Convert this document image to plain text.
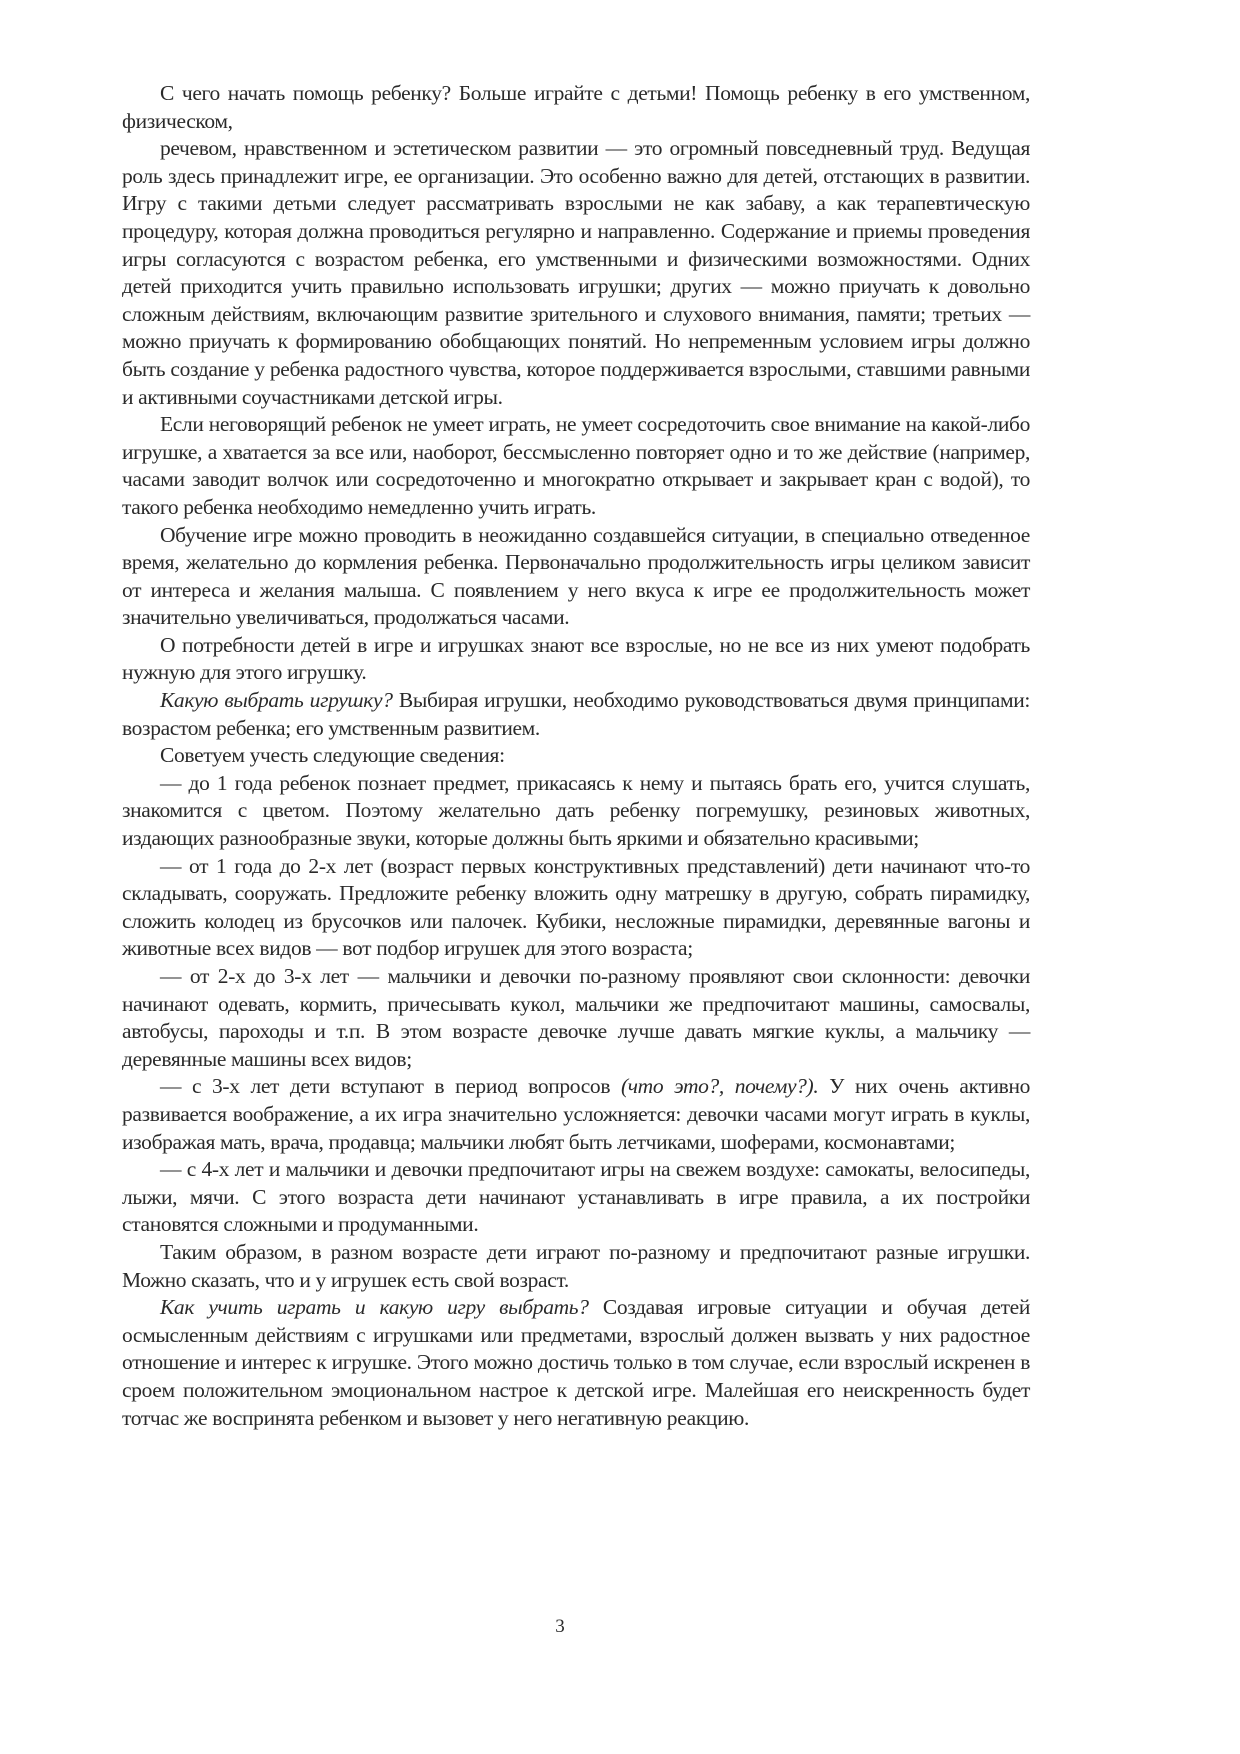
С чего начать помощь ребенку? Больше играйте с детьми! Помощь ребенку в его умственном, физическом,

речевом, нравственном и эстетическом развитии — это огромный повседневный труд. Ведущая роль здесь принадлежит игре, ее организации. Это особенно важно для детей, отстающих в развитии. Игру с такими детьми следует рассматривать взрослыми не как забаву, а как терапевтическую процедуру, которая должна проводиться регулярно и направленно. Содержание и приемы проведения игры согласуются с возрастом ребенка, его умственными и физическими возможностями. Одних детей приходится учить правильно использовать игрушки; других — можно приучать к довольно сложным действиям, включающим развитие зрительного и слухового внимания, памяти; третьих — можно приучать к формированию обобщающих понятий. Но непременным условием игры должно быть создание у ребенка радостного чувства, которое поддерживается взрослыми, ставшими равными и активными соучастниками детской игры.

Если неговорящий ребенок не умеет играть, не умеет сосредоточить свое внимание на какой-либо игрушке, а хватается за все или, наоборот, бессмысленно повторяет одно и то же действие (например, часами заводит волчок или сосредоточенно и многократно открывает и закрывает кран с водой), то такого ребенка необходимо немедленно учить играть.

Обучение игре можно проводить в неожиданно создавшейся ситуации, в специально отведенное время, желательно до кормления ребенка. Первоначально продолжительность игры целиком зависит от интереса и желания малыша. С появлением у него вкуса к игре ее продолжительность может значительно увеличиваться, продолжаться часами.

О потребности детей в игре и игрушках знают все взрослые, но не все из них умеют подобрать нужную для этого игрушку.

Какую выбрать игрушку? Выбирая игрушки, необходимо руководствоваться двумя принципами: возрастом ребенка; его умственным развитием.

Советуем учесть следующие сведения:

— до 1 года ребенок познает предмет, прикасаясь к нему и пытаясь брать его, учится слушать, знакомится с цветом. Поэтому желательно дать ребенку погремушку, резиновых животных, издающих разнообразные звуки, которые должны быть яркими и обязательно красивыми;

— от 1 года до 2-х лет (возраст первых конструктивных представлений) дети начинают что-то складывать, сооружать. Предложите ребенку вложить одну матрешку в другую, собрать пирамидку, сложить колодец из брусочков или палочек. Кубики, несложные пирамидки, деревянные вагоны и животные всех видов — вот подбор игрушек для этого возраста;

— от 2-х до 3-х лет — мальчики и девочки по-разному проявляют свои склонности: девочки начинают одевать, кормить, причесывать кукол, мальчики же предпочитают машины, самосвалы, автобусы, пароходы и т.п. В этом возрасте девочке лучше давать мягкие куклы, а мальчику — деревянные машины всех видов;

— с 3-х лет дети вступают в период вопросов (что это?, почему?). У них очень активно развивается воображение, а их игра значительно усложняется: девочки часами могут играть в куклы, изображая мать, врача, продавца; мальчики любят быть летчиками, шоферами, космонавтами;

— с 4-х лет и мальчики и девочки предпочитают игры на свежем воздухе: самокаты, велосипеды, лыжи, мячи. С этого возраста дети начинают устанавливать в игре правила, а их постройки становятся сложными и продуманными.

Таким образом, в разном возрасте дети играют по-разному и предпочитают разные игрушки. Можно сказать, что и у игрушек есть свой возраст.

Как учить играть и какую игру выбрать? Создавая игровые ситуации и обучая детей осмысленным действиям с игрушками или предметами, взрослый должен вызвать у них радостное отношение и интерес к игрушке. Этого можно достичь только в том случае, если взрослый искренен в сроем положительном эмоциональном настрое к детской игре. Малейшая его неискренность будет тотчас же воспринята ребенком и вызовет у него негативную реакцию.

3
